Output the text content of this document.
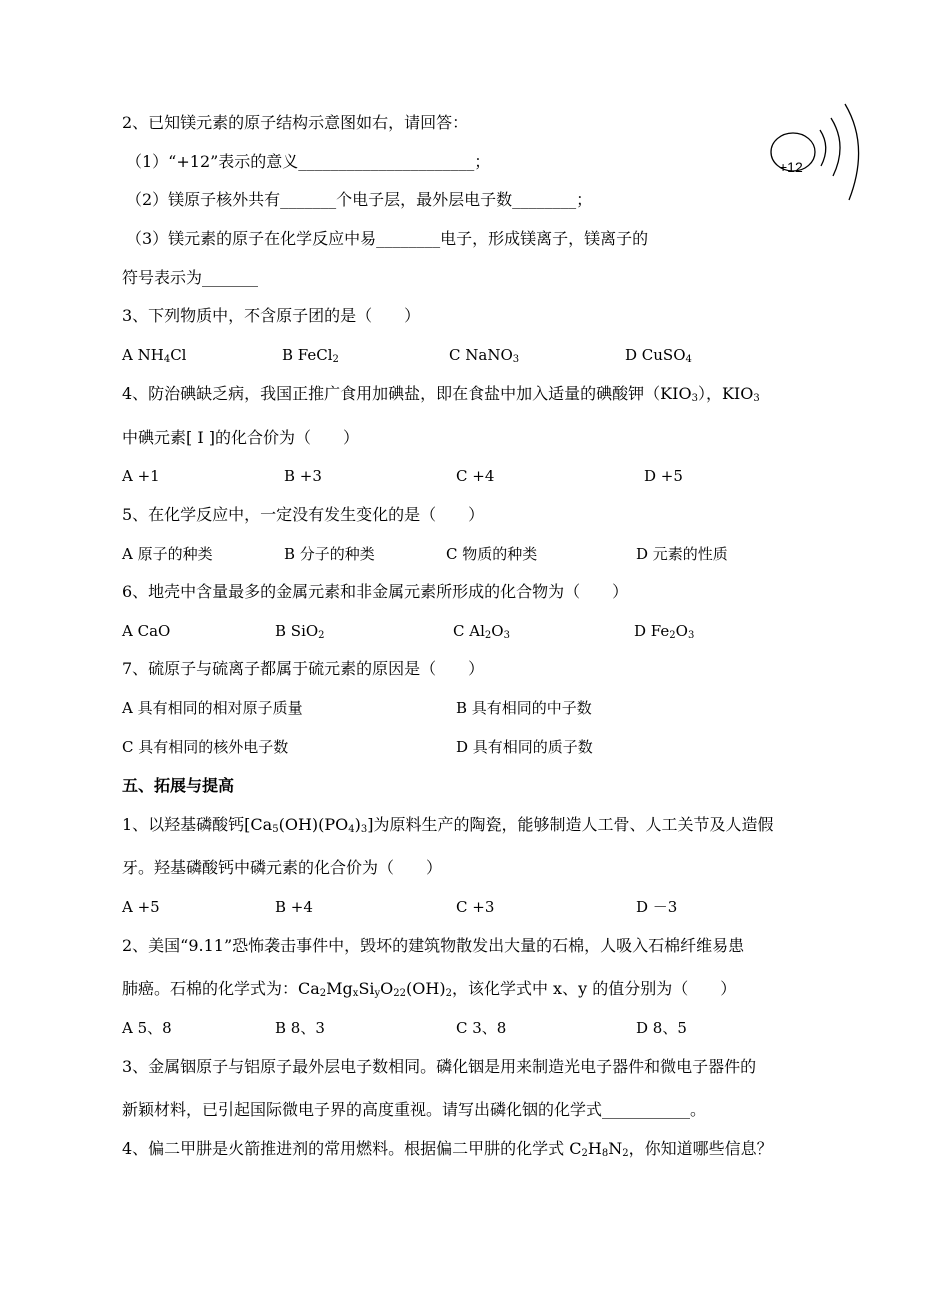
2、已知镁元素的原子结构示意图如右，请回答：
（1）“+12”表示的意义______________________；
（2）镁原子核外共有_______个电子层，最外层电子数________；
（3）镁元素的原子在化学反应中易________电子，形成镁离子，镁离子的
符号表示为_______
+12
3、下列物质中，不含原子团的是（　　）
A $NH_4Cl$	B FeCl$_2$	C NaNO$_3$	D CuSO$_4$
4、防治碘缺乏病，我国正推广食用加碘盐，即在食盐中加入适量的碘酸钾$(KIO_3)$，$KIO_3$
中碘元素[ I ]的化合价为（　　）
A +1	B +3	C +4	D +5
5、在化学反应中，一定没有发生变化的是（　　）
A 原子的种类	B 分子的种类	C 物质的种类	D 元素的性质
6、地壳中含量最多的金属元素和非金属元素所形成的化合物为（　　）
A CaO	B SiO$_2$	C $Al_2O_3$	D $Fe_2O_3$
7、硫原子与硫离子都属于硫元素的原因是（　　）
A 具有相同的相对原子质量	B 具有相同的中子数
C 具有相同的核外电子数	D 具有相同的质子数
五、拓展与提高
1、以羟基磷酸钙$[Ca_5(OH)(PO_4)_3]$为原料生产的陶瓷，能够制造人工骨、人工关节及人造假
牙。羟基磷酸钙中磷元素的化合价为（　　）
A +5	B +4	C +3	D －3
2、美国“9.11”恐怖袭击事件中，毁坏的建筑物散发出大量的石棉，人吸入石棉纤维易患
肺癌。石棉的化学式为：$Ca_2Mg_xSi_yO_{22}(OH)_2$，该化学式中 x、y 的值分别为（　　）
A 5、8	B 8、3	C 3、8	D 8、5
3、金属铟原子与铝原子最外层电子数相同。磷化铟是用来制造光电子器件和微电子器件的
新颖材料，已引起国际微电子界的高度重视。请写出磷化铟的化学式___________。
4、偏二甲肼是火箭推进剂的常用燃料。根据偏二甲肼的化学式 $C_2H_8N_2$，你知道哪些信息？
